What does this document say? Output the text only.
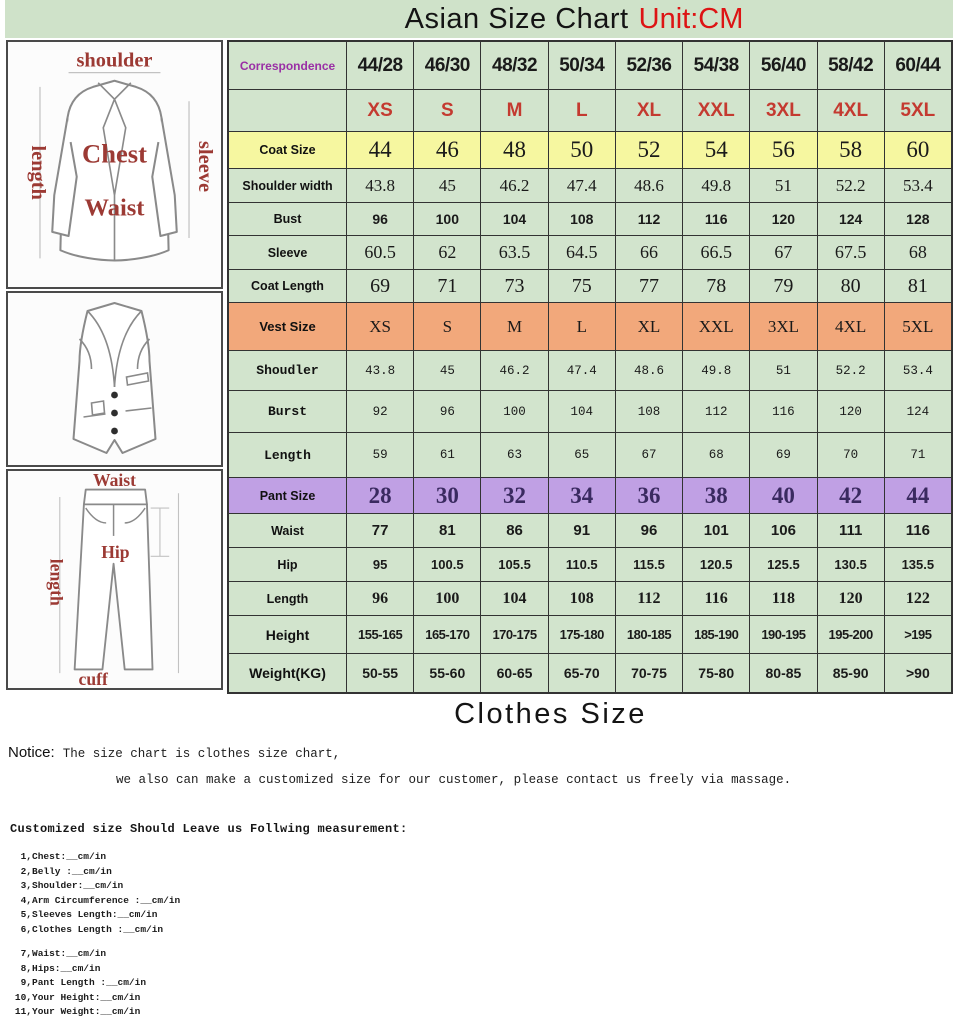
Asian Size Chart Unit:CM
shoulder
length	sleeve
Chest
Waist
Waist
length
Hip
cuff
Correspondence	44/28	46/30	48/32	50/34	52/36	54/38	56/40	58/42	60/44
XS	S	M	L	XL	XXL	3XL	4XL	5XL
Coat Size	44	46	48	50	52	54	56	58	60
Shoulder width	43.8	45	46.2	47.4	48.6	49.8	51	52.2	53.4
Bust	96	100	104	108	112	116	120	124	128
Sleeve	60.5	62	63.5	64.5	66	66.5	67	67.5	68
Coat Length	69	71	73	75	77	78	79	80	81
Vest Size	XS	S	M	L	XL	XXL	3XL	4XL	5XL
Shoudler	43.8	45	46.2	47.4	48.6	49.8	51	52.2	53.4
Burst	92	96	100	104	108	112	116	120	124
Length	59	61	63	65	67	68	69	70	71
Pant Size	28	30	32	34	36	38	40	42	44
Waist	77	81	86	91	96	101	106	111	116
Hip	95	100.5	105.5	110.5	115.5	120.5	125.5	130.5	135.5
Length	96	100	104	108	112	116	118	120	122
Height	155-165	165-170	170-175	175-180	180-185	185-190	190-195	195-200	>195
Weight(KG)	50-55	55-60	60-65	65-70	70-75	75-80	80-85	85-90	>90
Clothes Size
Notice: The size chart is clothes size chart,
we also can make a customized size for our customer, please contact us freely via massage.
Customized size Should Leave us Follwing measurement:
1,Chest:__cm/in
2,Belly :__cm/in
3,Shoulder:__cm/in
4,Arm Circumference :__cm/in
5,Sleeves Length:__cm/in
6,Clothes Length :__cm/in
7,Waist:__cm/in
8,Hips:__cm/in
9,Pant Length :__cm/in
10,Your Height:__cm/in
11,Your Weight:__cm/in
